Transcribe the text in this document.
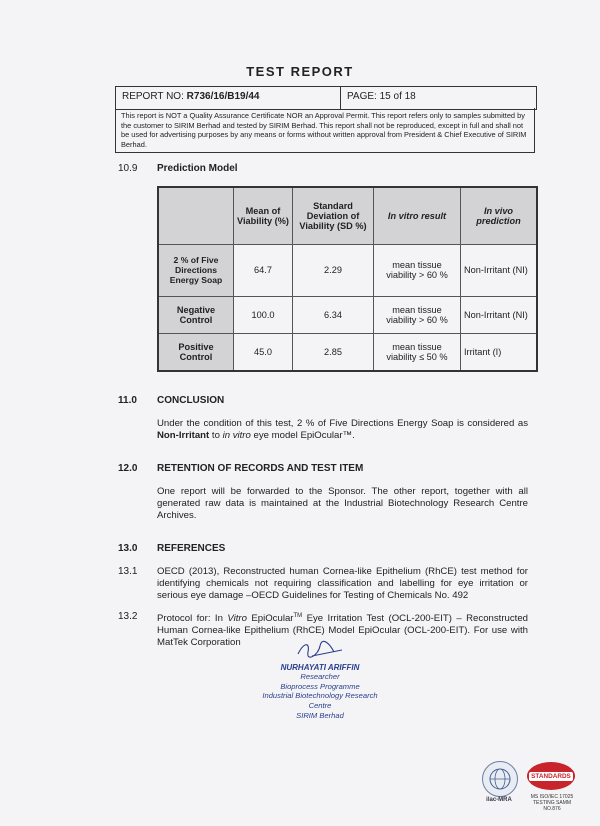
TEST REPORT
REPORT NO: R736/16/B19/44	PAGE: 15 of 18
This report is NOT a Quality Assurance Certificate NOR an Approval Permit. This report refers only to samples submitted by the customer to SIRIM Berhad and tested by SIRIM Berhad. This report shall not be reproduced, except in full and shall not be used for advertising purposes by any means or forms without written approval from President & Chief Executive of SIRIM Berhad.
10.9 Prediction Model
	Mean of Viability (%)	Standard Deviation of Viability (SD %)	In vitro result	In vivo prediction
2 % of Five Directions Energy Soap	64.7	2.29	mean tissue viability > 60 %	Non-Irritant (NI)
Negative Control	100.0	6.34	mean tissue viability > 60 %	Non-Irritant (NI)
Positive Control	45.0	2.85	mean tissue viability ≤ 50 %	Irritant (I)
11.0 CONCLUSION
Under the condition of this test, 2 % of Five Directions Energy Soap is considered as Non-Irritant to in vitro eye model EpiOcular™.
12.0 RETENTION OF RECORDS AND TEST ITEM
One report will be forwarded to the Sponsor. The other report, together with all generated raw data is maintained at the Industrial Biotechnology Research Centre Archives.
13.0 REFERENCES
13.1 OECD (2013), Reconstructed human Cornea-like Epithelium (RhCE) test method for identifying chemicals not requiring classification and labelling for eye irritation or serious eye damage –OECD Guidelines for Testing of Chemicals No. 492
13.2 Protocol for: In Vitro EpiOcular™ Eye Irritation Test (OCL-200-EIT) – Reconstructed Human Cornea-like Epithelium (RhCE) Model EpiOcular (OCL-200-EIT). For use with MatTek Corporation
NURHAYATI ARIFFIN
Researcher
Bioprocess Programme
Industrial Biotechnology Research Centre
SIRIM Berhad
ilac-MRA
STANDARDS
MS ISO/IEC 17025 TESTING SAMM NO.876
